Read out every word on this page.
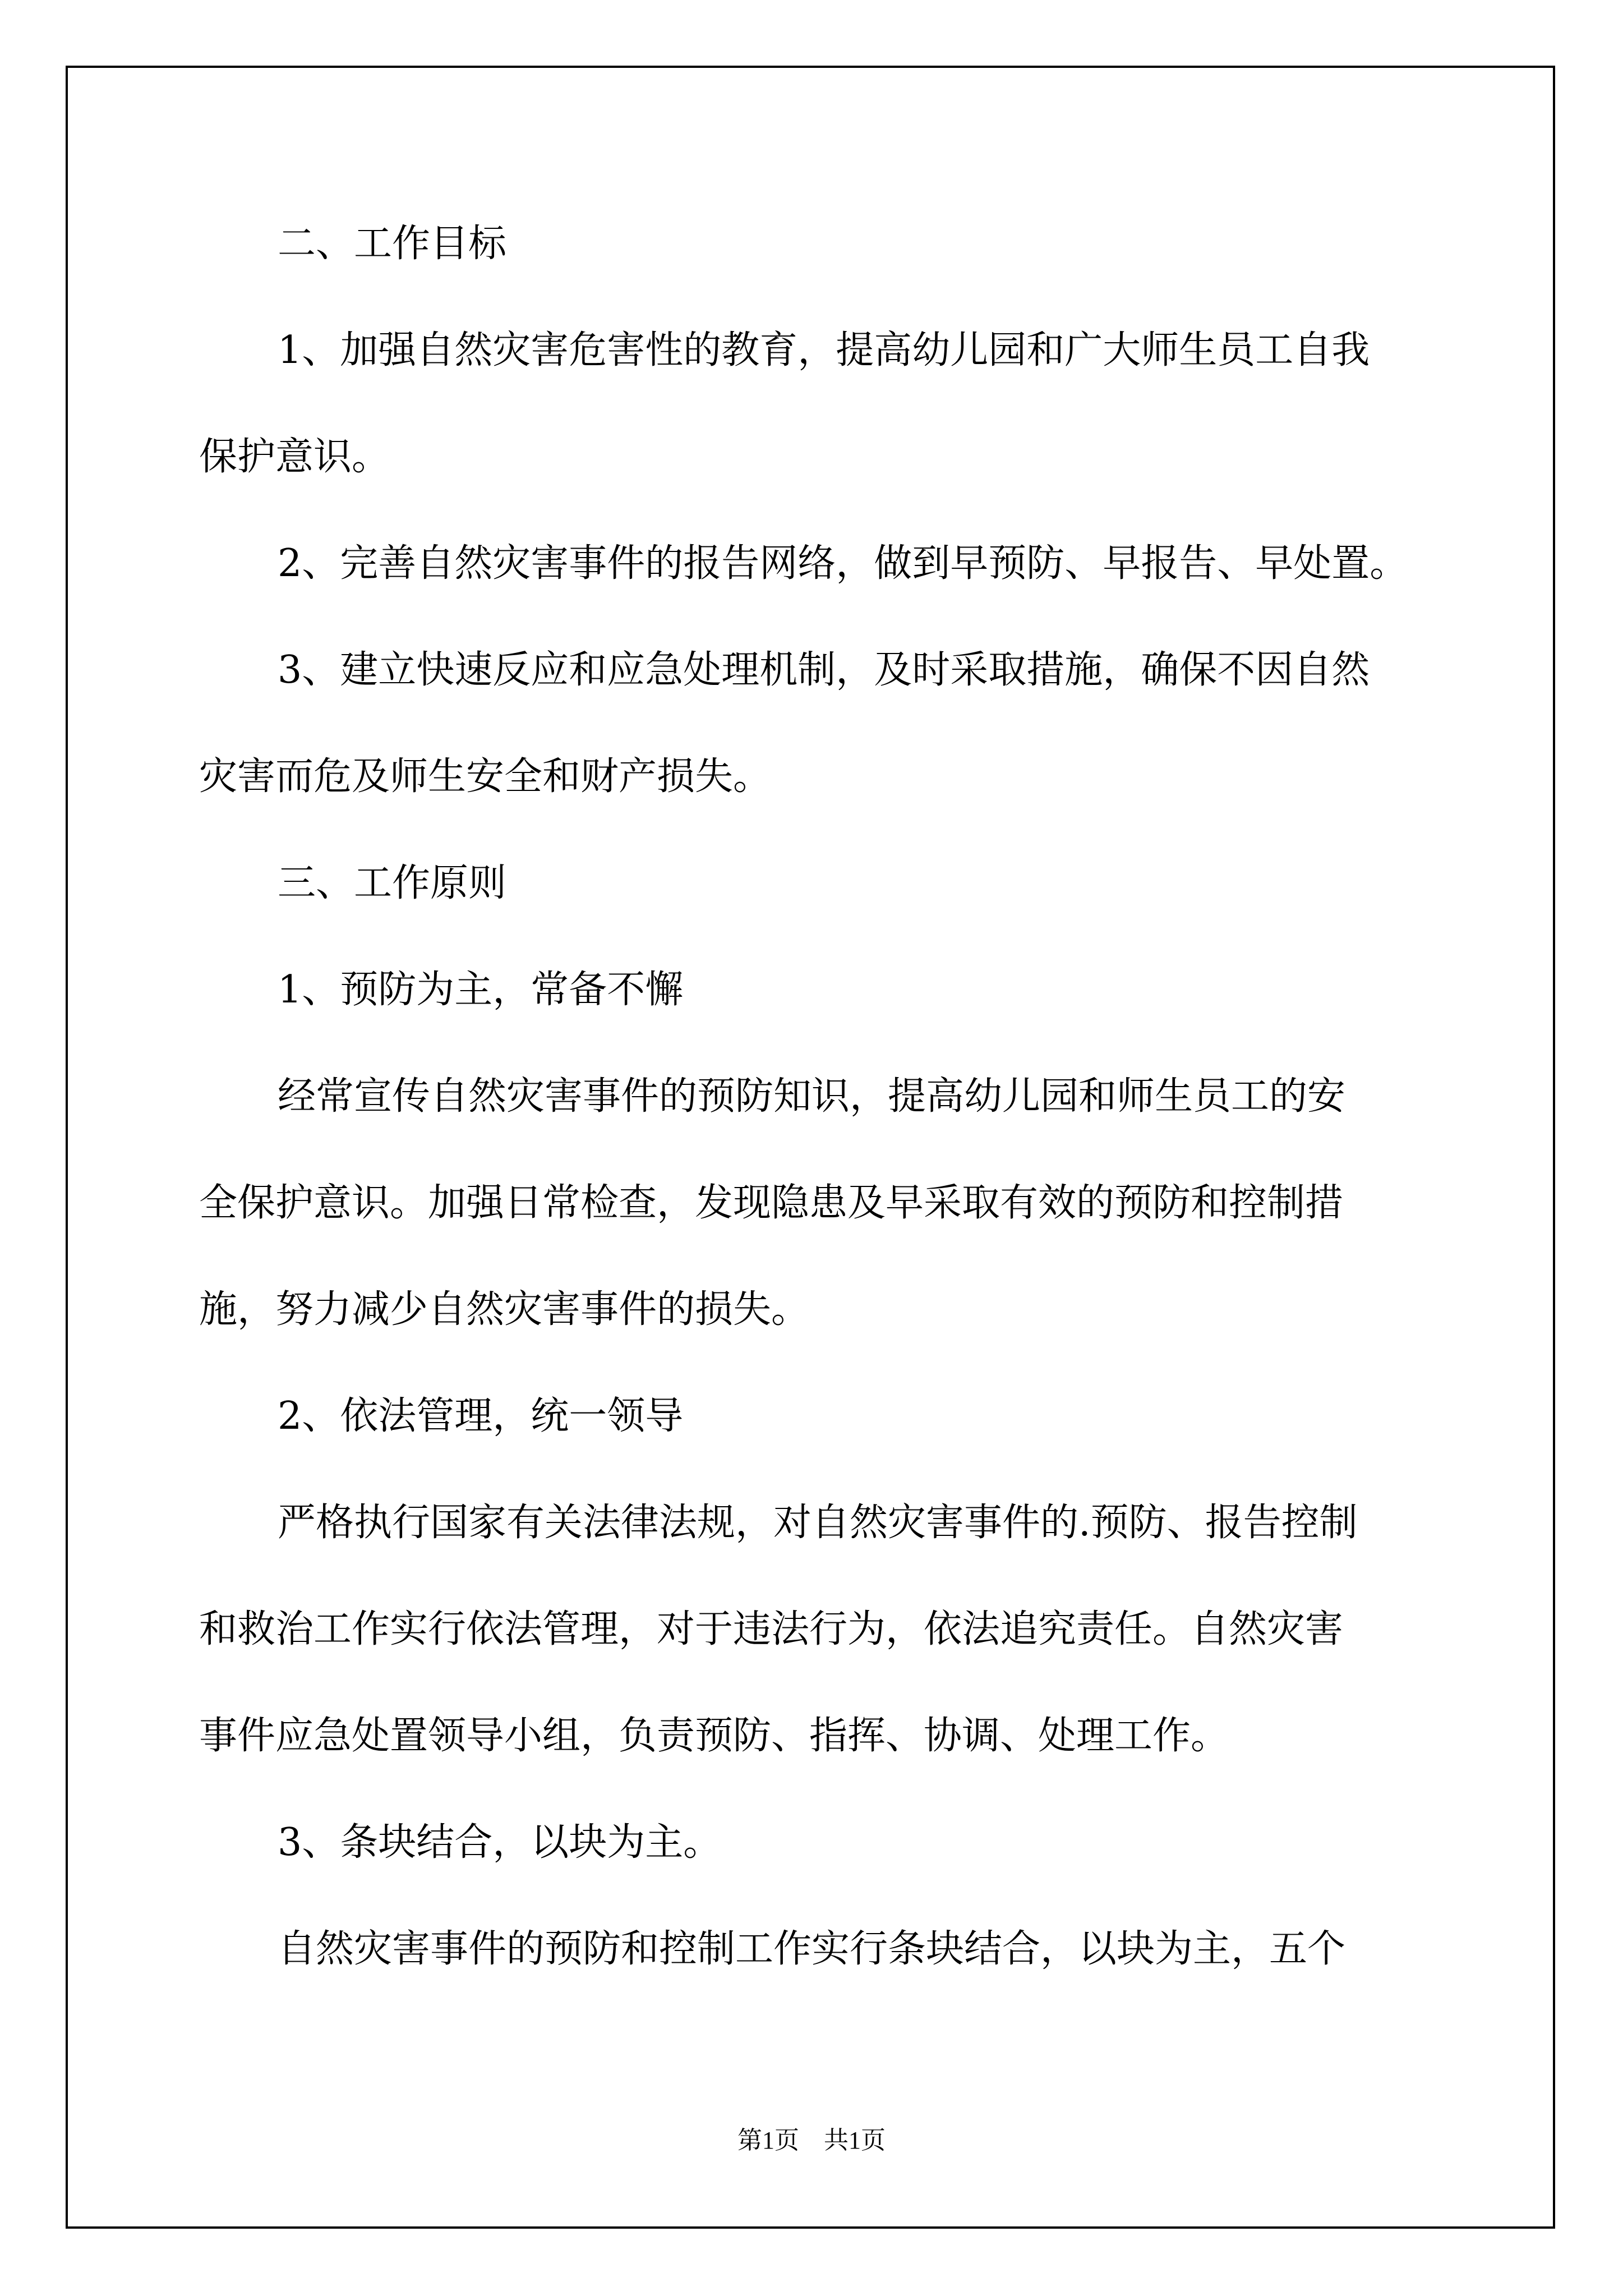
二、工作目标
1、加强自然灾害危害性的教育，提高幼儿园和广大师生员工自我
保护意识。
2、完善自然灾害事件的报告网络，做到早预防、早报告、早处置。
3、建立快速反应和应急处理机制，及时采取措施，确保不因自然
灾害而危及师生安全和财产损失。
三、工作原则
1、预防为主，常备不懈
经常宣传自然灾害事件的预防知识，提高幼儿园和师生员工的安
全保护意识。加强日常检查，发现隐患及早采取有效的预防和控制措
施，努力减少自然灾害事件的损失。
2、依法管理，统一领导
严格执行国家有关法律法规，对自然灾害事件的.预防、报告控制
和救治工作实行依法管理，对于违法行为，依法追究责任。自然灾害
事件应急处置领导小组，负责预防、指挥、协调、处理工作。
3、条块结合，以块为主。
自然灾害事件的预防和控制工作实行条块结合，以块为主，五个
第1页　共1页
